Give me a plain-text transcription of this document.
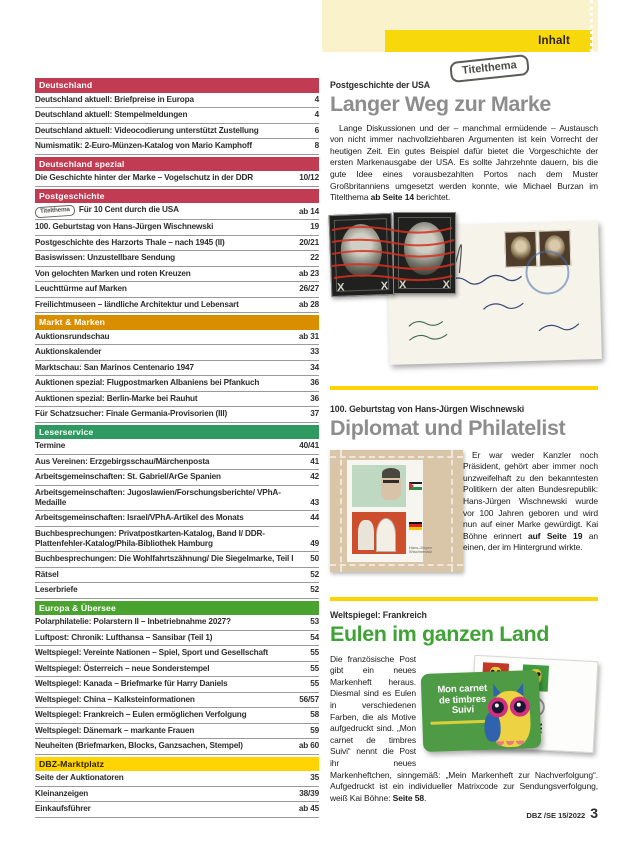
Inhalt
Deutschland
Deutschland aktuell: Briefpreise in Europa	4
Deutschland aktuell: Stempelmeldungen	4
Deutschland aktuell: Videocodierung unterstützt Zustellung	6
Numismatik: 2-Euro-Münzen-Katalog von Mario Kamphoff	8
Deutschland spezial
Die Geschichte hinter der Marke – Vogelschutz in der DDR	10/12
Postgeschichte
Titelthema Für 10 Cent durch die USA	ab 14
100. Geburtstag von Hans-Jürgen Wischnewski	19
Postgeschichte des Harzorts Thale – nach 1945 (II)	20/21
Basiswissen: Unzustellbare Sendung	22
Von gelochten Marken und roten Kreuzen	ab 23
Leuchttürme auf Marken	26/27
Freilichtmuseen – ländliche Architektur und Lebensart	ab 28
Markt & Marken
Auktionsrundschau	ab 31
Auktionskalender	33
Marktschau: San Marinos Centenario 1947	34
Auktionen spezial: Flugpostmarken Albaniens bei Pfankuch	36
Auktionen spezial: Berlin-Marke bei Rauhut	36
Für Schatzsucher: Finale Germania-Provisorien (III)	37
Leserservice
Termine	40/41
Aus Vereinen: Erzgebirgsschau/Märchenposta	41
Arbeitsgemeinschaften: St. Gabriel/ArGe Spanien	42
Arbeitsgemeinschaften: Jugoslawien/Forschungsberichte/ VPhA-Medaille	43
Arbeitsgemeinschaften: Israel/VPhA-Artikel des Monats	44
Buchbesprechungen: Privatpostkarten-Katalog, Band I/ DDR-Plattenfehler-Katalog/Phila-Bibliothek Hamburg	49
Buchbesprechungen: Die Wohlfahrtszähnung/ Die Siegelmarke, Teil I	50
Rätsel	52
Leserbriefe	52
Europa & Übersee
Polarphilatelie: Polarstern II – Inbetriebnahme 2027?	53
Luftpost: Chronik: Lufthansa – Sansibar (Teil 1)	54
Weltspiegel: Vereinte Nationen – Spiel, Sport und Gesellschaft	55
Weltspiegel: Österreich – neue Sonderstempel	55
Weltspiegel: Kanada – Briefmarke für Harry Daniels	55
Weltspiegel: China – Kalksteinformationen	56/57
Weltspiegel: Frankreich – Eulen ermöglichen Verfolgung	58
Weltspiegel: Dänemark – markante Frauen	59
Neuheiten (Briefmarken, Blocks, Ganzsachen, Stempel)	ab 60
DBZ-Marktplatz
Seite der Auktionatoren	35
Kleinanzeigen	38/39
Einkaufsführer	ab 45
Titelthema
Postgeschichte der USA
Langer Weg zur Marke

Lange Diskussionen und der – manchmal ermüdende – Austausch von nicht immer nachvollziehbaren Argumenten ist kein Vorrecht der heutigen Zeit. Ein gutes Beispiel dafür bietet die Vorgeschichte der ersten Markenausgabe der USA. Es sollte Jahrzehnte dauern, bis die gute Idee eines vorausbezahlten Portos nach dem Muster Großbritanniens umgesetzt werden konnte, wie Michael Burzan im Titelthema ab Seite 14 berichtet.

X	X X	X
100. Geburtstag von Hans-Jürgen Wischnewski
Diplomat und Philatelist
Hans-Jürgen Wischnewski

Er war weder Kanzler noch Präsident, gehört aber immer noch unzweifelhaft zu den bekanntesten Politikern der alten Bundesrepublik: Hans-Jürgen Wischnewski wurde vor 100 Jahren geboren und wird nun auf einer Marke gewürdigt. Kai Böhne erinnert auf Seite 19 an einen, der im Hintergrund wirkte.

Weltspiegel: Frankreich
Eulen im ganzen Land
Mon carnet de timbres Suivi
Die französische Post gibt ein neues Markenheft heraus. Diesmal sind es Eulen in verschiedenen Farben, die als Motive aufgedruckt sind. „Mon carnet de timbres Suivi“ nennt die Post ihr neues Markenheftchen, sinngemäß: „Mein Markenheft zur Nachverfolgung“. Aufgedruckt ist ein individueller Matrixcode zur Sendungsverfolgung, weiß Kai Böhne: Seite 58.
DBZ /SE 15/2022 3
